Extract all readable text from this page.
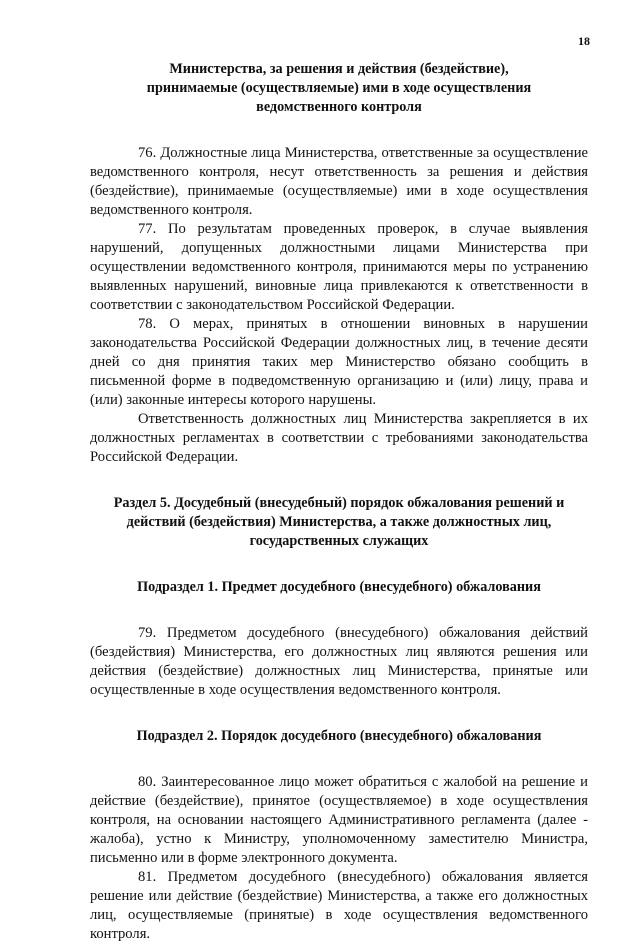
18
Министерства, за решения и действия (бездействие),
принимаемые (осуществляемые) ими в ходе осуществления
ведомственного контроля

76. Должностные лица Министерства, ответственные за осуществление ведомственного контроля, несут ответственность за решения и действия (бездействие), принимаемые (осуществляемые) ими в ходе осуществления ведомственного контроля.

77. По результатам проведенных проверок, в случае выявления нарушений, допущенных должностными лицами Министерства при осуществлении ведомственного контроля, принимаются меры по устранению выявленных нарушений, виновные лица привлекаются к ответственности в соответствии с законодательством Российской Федерации.

78. О мерах, принятых в отношении виновных в нарушении законодательства Российской Федерации должностных лиц, в течение десяти дней со дня принятия таких мер Министерство обязано сообщить в письменной форме в подведомственную организацию и (или) лицу, права и (или) законные интересы которого нарушены.

Ответственность должностных лиц Министерства закрепляется в их должностных регламентах в соответствии с требованиями законодательства Российской Федерации.

Раздел 5. Досудебный (внесудебный) порядок обжалования решений и
действий (бездействия) Министерства, а также должностных лиц,
государственных служащих
Подраздел 1. Предмет досудебного (внесудебного) обжалования

79. Предметом досудебного (внесудебного) обжалования действий (бездействия) Министерства, его должностных лиц являются решения или действия (бездействие) должностных лиц Министерства, принятые или осуществленные в ходе осуществления ведомственного контроля.

Подраздел 2. Порядок досудебного (внесудебного) обжалования

80. Заинтересованное лицо может обратиться с жалобой на решение и действие (бездействие), принятое (осуществляемое) в ходе осуществления контроля, на основании настоящего Административного регламента (далее - жалоба), устно к Министру, уполномоченному заместителю Министра, письменно или в форме электронного документа.

81. Предметом досудебного (внесудебного) обжалования является решение или действие (бездействие) Министерства, а также его должностных лиц, осуществляемые (принятые) в ходе осуществления ведомственного контроля.
